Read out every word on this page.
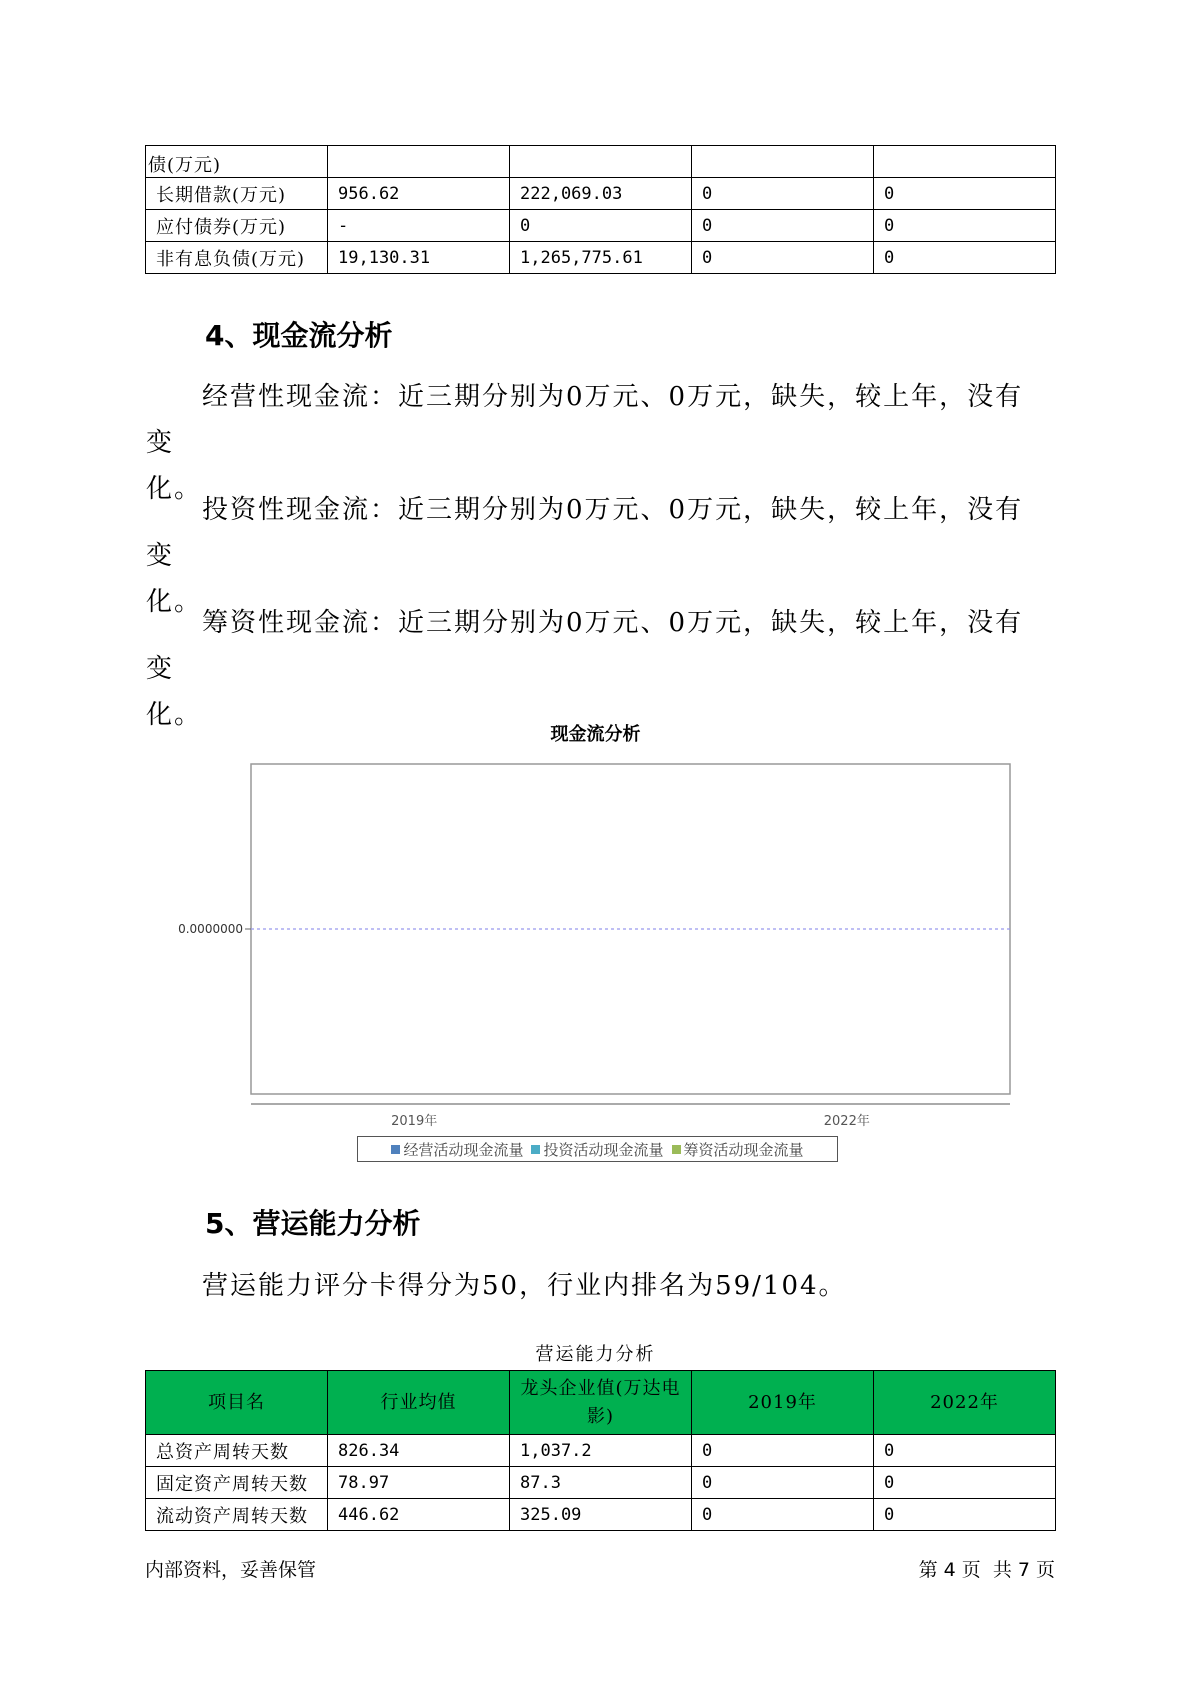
债(万元)				
长期借款(万元)	956.62	222,069.03	0	0
应付债券(万元)	-	0	0	0
非有息负债(万元)	19,130.31	1,265,775.61	0	0
4、现金流分析
经营性现金流：近三期分别为0万元、0万元，缺失，较上年，没有变
化。
投资性现金流：近三期分别为0万元、0万元，缺失，较上年，没有变
化。
筹资性现金流：近三期分别为0万元、0万元，缺失，较上年，没有变
化。
现金流分析
0.0000000
2019年	2022年
经营活动现金流量 投资活动现金流量 筹资活动现金流量
5、营运能力分析
营运能力评分卡得分为50，行业内排名为59/104。
营运能力分析
项目名	行业均值	龙头企业值(万达电影)	2019年	2022年
总资产周转天数	826.34	1,037.2	0	0
固定资产周转天数	78.97	87.3	0	0
流动资产周转天数	446.62	325.09	0	0
内部资料，妥善保管	第 4 页  共 7 页
